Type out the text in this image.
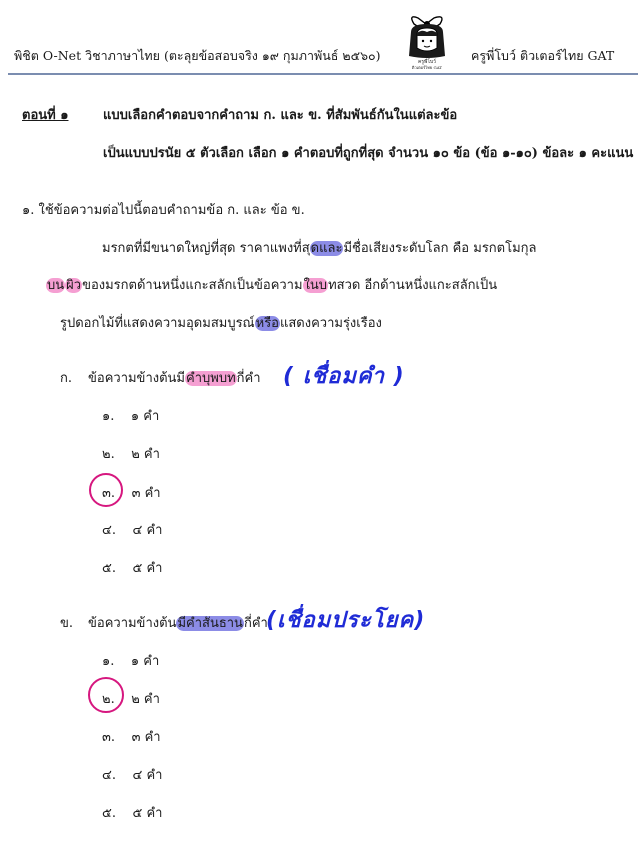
พิชิต O-Net วิชาภาษาไทย (ตะลุยข้อสอบจริง ๑๙ กุมภาพันธ์ ๒๕๖๐)	ครูพี่โบว์
ติวเตอร์ไทย GAT
ครูพี่โบว์ ติวเตอร์ไทย GAT
ตอนที่ ๑	แบบเลือกคำตอบจากคำถาม ก. และ ข. ที่สัมพันธ์กันในแต่ละข้อ
เป็นแบบปรนัย ๕ ตัวเลือก เลือก ๑ คำตอบที่ถูกที่สุด จำนวน ๑๐ ข้อ (ข้อ ๑-๑๐) ข้อละ ๑ คะแนน
๑. ใช้ข้อความต่อไปนี้ตอบคำถามข้อ ก. และ ข้อ ข.
มรกตที่มีขนาดใหญ่ที่สุด ราคาแพงที่สุดและมีชื่อเสียงระดับโลก คือ มรกตโมกุล
บน ผิวของมรกตด้านหนึ่งแกะสลักเป็นข้อความในบทสวด อีกด้านหนึ่งแกะสลักเป็น
รูปดอกไม้ที่แสดงความอุดมสมบูรณ์หรือแสดงความรุ่งเรือง
ก. ข้อความข้างต้นมีคำบุพบทกี่คำ ( เชื่อมคำ )
๑. ๑ คำ
๒. ๒ คำ
๓. ๓ คำ
๔. ๔ คำ
๕. ๕ คำ
ข. ข้อความข้างต้นมีคำสันธานกี่คำ
(เชื่อมประโยค)
๑. ๑ คำ
๒. ๒ คำ
๓. ๓ คำ
๔. ๔ คำ
๕. ๕ คำ
